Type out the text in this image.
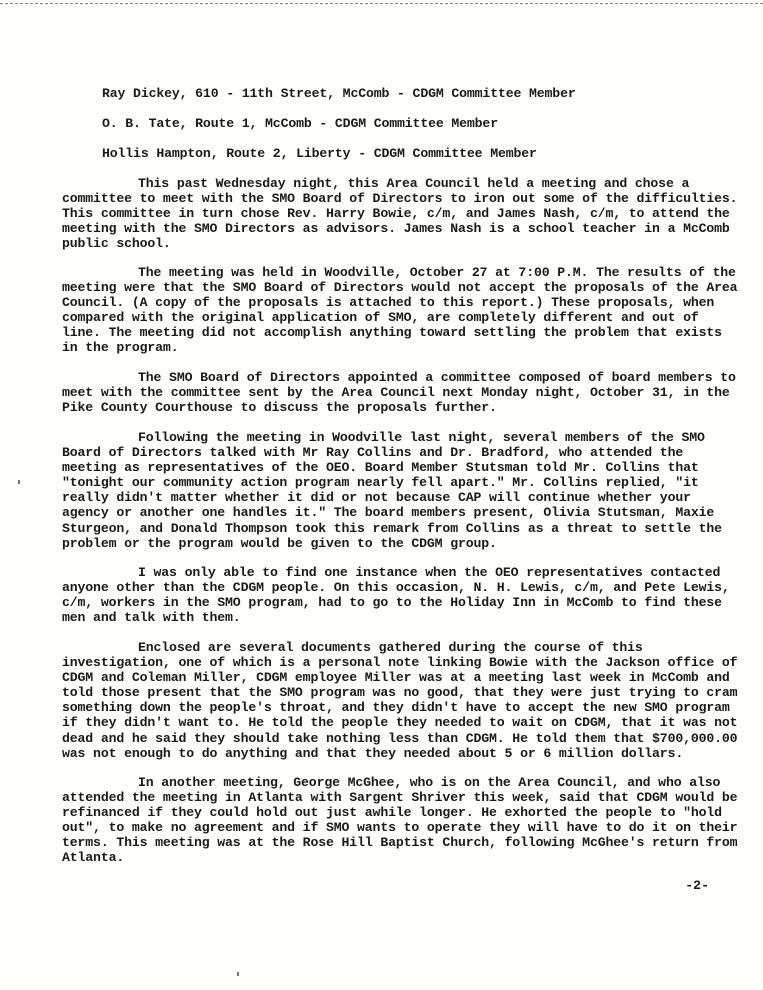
Ray Dickey, 610 - 11th Street, McComb - CDGM Committee Member
O. B. Tate, Route 1, McComb - CDGM Committee Member
Hollis Hampton, Route 2, Liberty - CDGM Committee Member
This past Wednesday night, this Area Council held a meeting and chose a committee to meet with the SMO Board of Directors to iron out some of the difficulties. This committee in turn chose Rev. Harry Bowie, c/m, and James Nash, c/m, to attend the meeting with the SMO Directors as advisors. James Nash is a school teacher in a McComb public school.
The meeting was held in Woodville, October 27 at 7:00 P.M. The results of the meeting were that the SMO Board of Directors would not accept the proposals of the Area Council. (A copy of the proposals is attached to this report.) These proposals, when compared with the original application of SMO, are completely different and out of line. The meeting did not accomplish anything toward settling the problem that exists in the program.
The SMO Board of Directors appointed a committee composed of board members to meet with the committee sent by the Area Council next Monday night, October 31, in the Pike County Courthouse to discuss the proposals further.
Following the meeting in Woodville last night, several members of the SMO Board of Directors talked with Mr Ray Collins and Dr. Bradford, who attended the meeting as representatives of the OEO. Board Member Stutsman told Mr. Collins that "tonight our community action program nearly fell apart." Mr. Collins replied, "it really didn't matter whether it did or not because CAP will continue whether your agency or another one handles it." The board members present, Olivia Stutsman, Maxie Sturgeon, and Donald Thompson took this remark from Collins as a threat to settle the problem or the program would be given to the CDGM group.
I was only able to find one instance when the OEO representatives contacted anyone other than the CDGM people. On this occasion, N. H. Lewis, c/m, and Pete Lewis, c/m, workers in the SMO program, had to go to the Holiday Inn in McComb to find these men and talk with them.
Enclosed are several documents gathered during the course of this investigation, one of which is a personal note linking Bowie with the Jackson office of CDGM and Coleman Miller, CDGM employee Miller was at a meeting last week in McComb and told those present that the SMO program was no good, that they were just trying to cram something down the people's throat, and they didn't have to accept the new SMO program if they didn't want to. He told the people they needed to wait on CDGM, that it was not dead and he said they should take nothing less than CDGM. He told them that $700,000.00 was not enough to do anything and that they needed about 5 or 6 million dollars.
In another meeting, George McGhee, who is on the Area Council, and who also attended the meeting in Atlanta with Sargent Shriver this week, said that CDGM would be refinanced if they could hold out just awhile longer. He exhorted the people to "hold out", to make no agreement and if SMO wants to operate they will have to do it on their terms. This meeting was at the Rose Hill Baptist Church, following McGhee's return from Atlanta.
-2-
